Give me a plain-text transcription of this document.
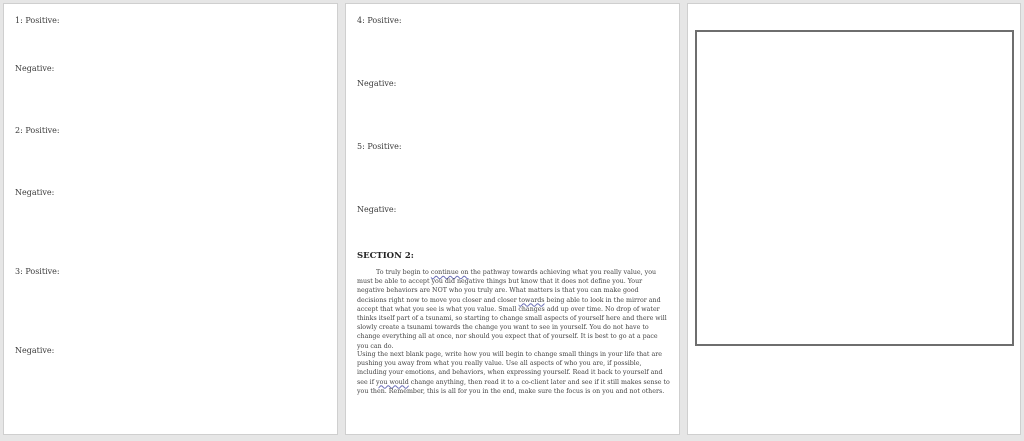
1: Positive:
Negative:
2: Positive:
Negative:
3: Positive:
Negative:
4: Positive:
Negative:
5: Positive:
Negative:
SECTION 2:

To truly begin to continue on the pathway towards achieving what you really value, you must be able to accept you did negative things but know that it does not define you. Your negative behaviors are NOT who you truly are. What matters is that you can make good decisions right now to move you closer and closer towards being able to look in the mirror and accept that what you see is what you value. Small changes add up over time. No drop of water thinks itself part of a tsunami, so starting to change small aspects of yourself here and there will slowly create a tsunami towards the change you want to see in yourself. You do not have to change everything all at once, nor should you expect that of yourself. It is best to go at a pace you can do.

Using the next blank page, write how you will begin to change small things in your life that are pushing you away from what you really value. Use all aspects of who you are, if possible, including your emotions, and behaviors, when expressing yourself. Read it back to yourself and see if you would change anything, then read it to a co-client later and see if it still makes sense to you then. Remember, this is all for you in the end, make sure the focus is on you and not others.
